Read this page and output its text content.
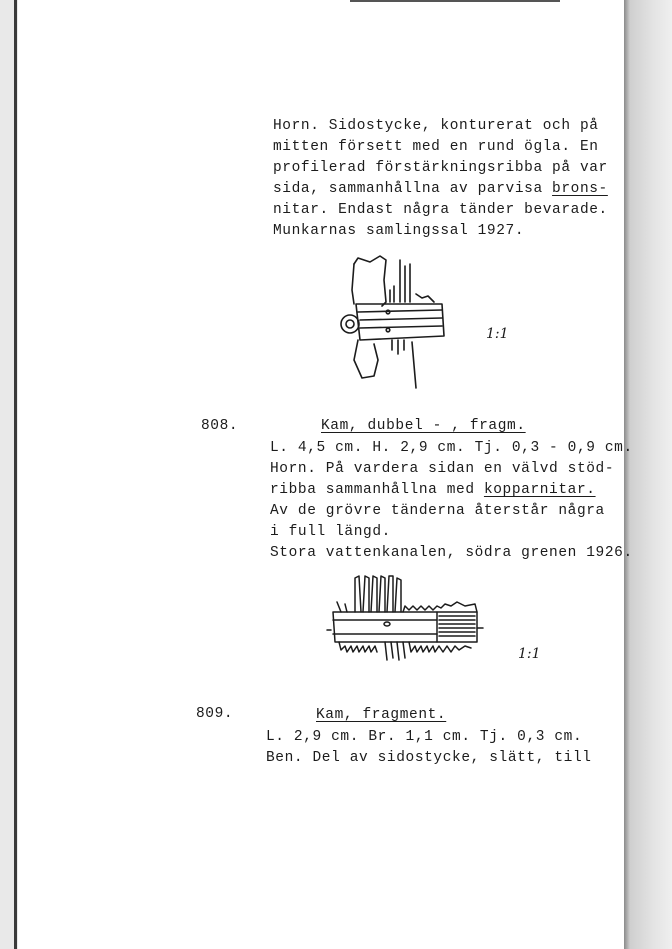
Horn. Sidostycke, konturerat och på
mitten försett med en rund ögla. En
profilerad förstärkningsribba på var
sida, sammanhållna av parvisa brons-
nitar. Endast några tänder bevarade.
Munkarnas samlingssal 1927.
1:1
808.	Kam, dubbel - , fragm.
L. 4,5 cm. H. 2,9 cm. Tj. 0,3 - 0,9 cm.
Horn. På vardera sidan en välvd stöd-
ribba sammanhållna med kopparnitar.
Av de grövre tänderna återstår några
i full längd.
Stora vattenkanalen, södra grenen 1926.
1:1
809.	Kam, fragment.
L. 2,9 cm. Br. 1,1 cm. Tj. 0,3 cm.
Ben. Del av sidostycke, slätt, till
